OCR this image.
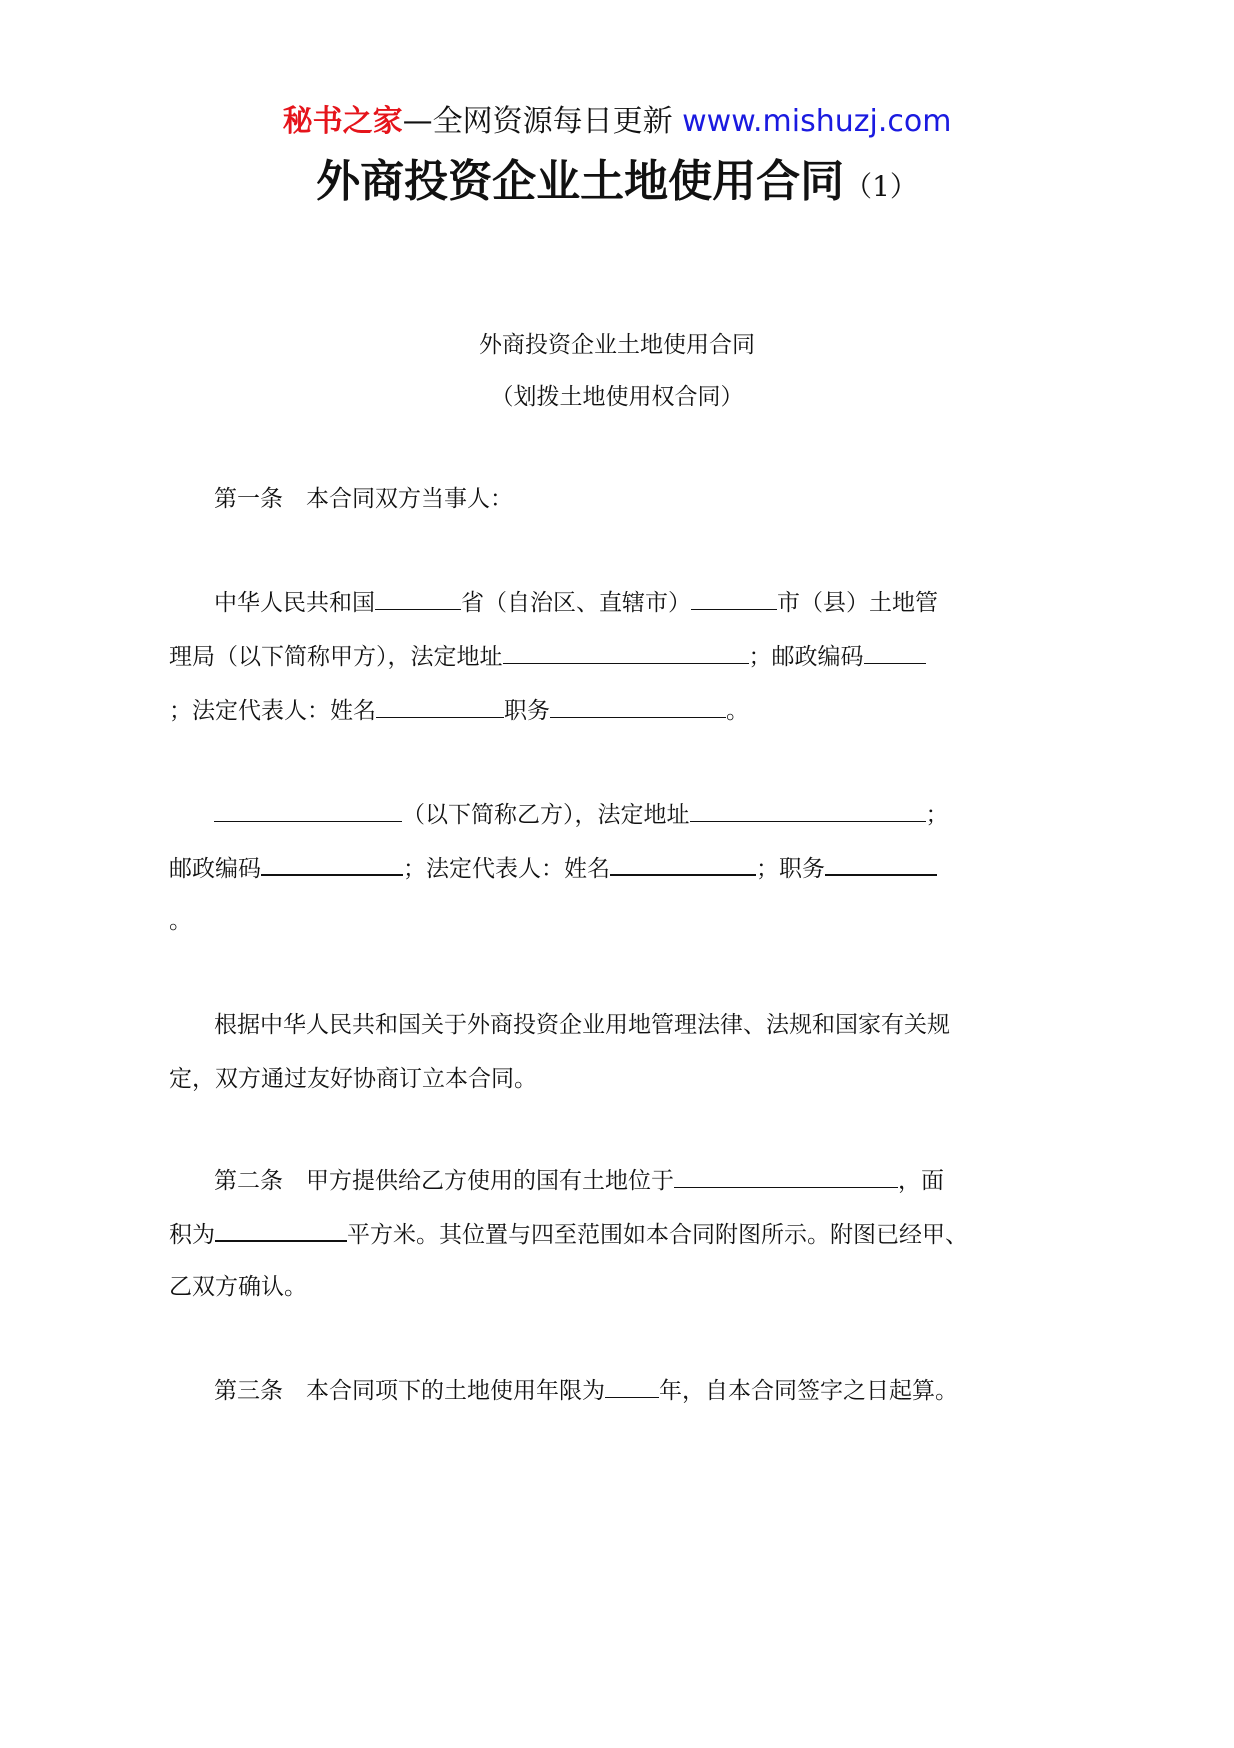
秘书之家—全网资源每日更新 www.mishuzj.com
外商投资企业土地使用合同（1）
外商投资企业土地使用合同
（划拨土地使用权合同）
第一条　本合同双方当事人：
中华人民共和国	省（自治区、直辖市）	市（县）土地管
理局（以下简称甲方），法定地址	；邮政编码
；法定代表人：姓名	职务	。
（以下简称乙方），法定地址	；
邮政编码	；法定代表人：姓名	；职务
。
根据中华人民共和国关于外商投资企业用地管理法律、法规和国家有关规
定，双方通过友好协商订立本合同。
第二条　甲方提供给乙方使用的国有土地位于	，面
积为	平方米。其位置与四至范围如本合同附图所示。附图已经甲、
乙双方确认。
第三条　本合同项下的土地使用年限为 年，自本合同签字之日起算。
